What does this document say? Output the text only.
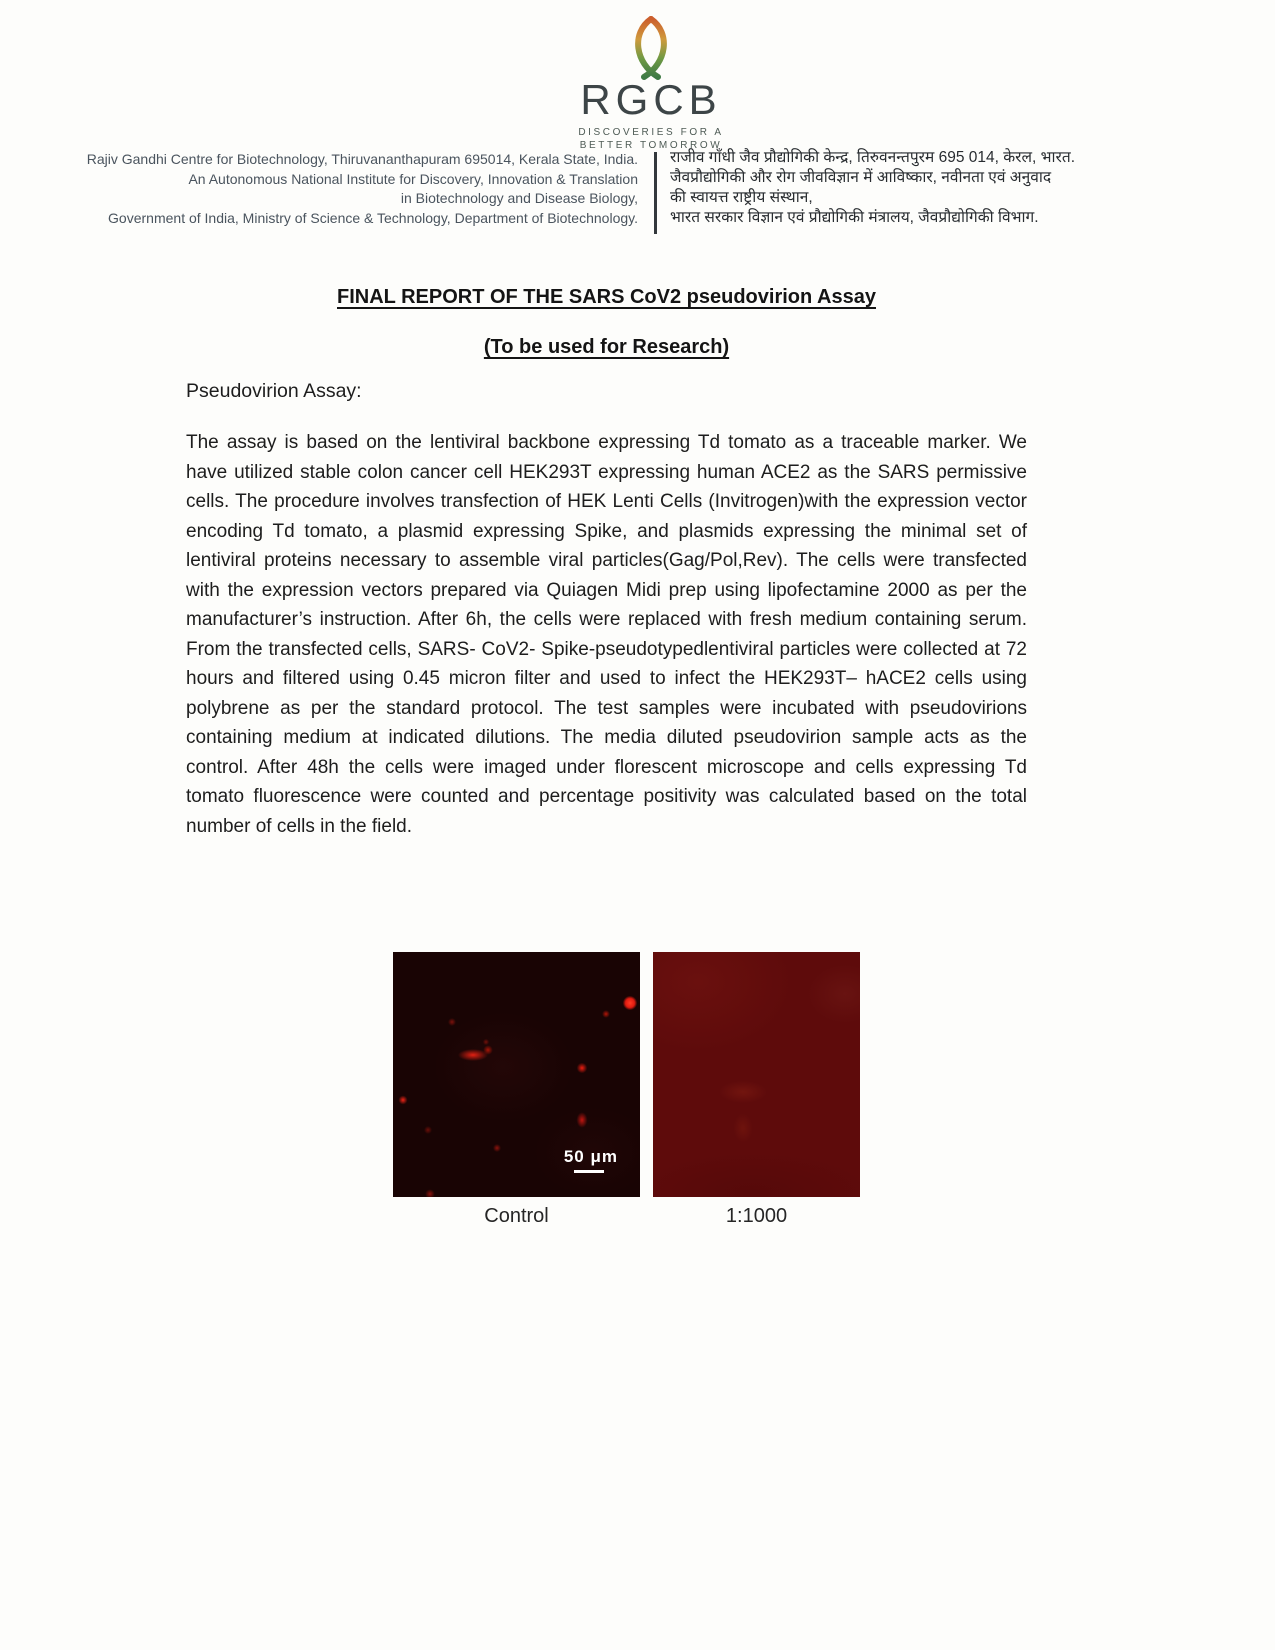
RGCB
DISCOVERIES FOR A
BETTER TOMORROW
Rajiv Gandhi Centre for Biotechnology, Thiruvananthapuram 695014, Kerala State, India.
An Autonomous National Institute for Discovery, Innovation & Translation
in Biotechnology and Disease Biology,
Government of India, Ministry of Science & Technology, Department of Biotechnology.
राजीव गाँधी जैव प्रौद्योगिकी केन्द्र, तिरुवनन्तपुरम 695 014, केरल, भारत.
जैवप्रौद्योगिकी और रोग जीवविज्ञान में आविष्कार, नवीनता एवं अनुवाद
की स्वायत्त राष्ट्रीय संस्थान,
भारत सरकार विज्ञान एवं प्रौद्योगिकी मंत्रालय, जैवप्रौद्योगिकी विभाग.
FINAL REPORT OF THE SARS CoV2 pseudovirion Assay
(To be used for Research)
Pseudovirion Assay:
The assay is based on the lentiviral backbone expressing Td tomato as a traceable marker. We have utilized stable colon cancer cell HEK293T expressing human ACE2 as the SARS permissive cells. The procedure involves transfection of HEK Lenti Cells (Invitrogen)with the expression vector encoding Td tomato, a plasmid expressing Spike, and plasmids expressing the minimal set of lentiviral proteins necessary to assemble viral particles(Gag/Pol,Rev). The cells were transfected with the expression vectors prepared via Quiagen Midi prep using lipofectamine 2000 as per the manufacturer’s instruction. After 6h, the cells were replaced with fresh medium containing serum. From the transfected cells, SARS- CoV2- Spike-pseudotypedlentiviral particles were collected at 72 hours and filtered using 0.45 micron filter and used to infect the HEK293T– hACE2 cells using polybrene as per the standard protocol. The test samples were incubated with pseudovirions containing medium at indicated dilutions. The media diluted pseudovirion sample acts as the control. After 48h the cells were imaged under florescent microscope and cells expressing Td tomato fluorescence were counted and percentage positivity was calculated based on the total number of cells in the field.
50 μm
Control	1:1000
